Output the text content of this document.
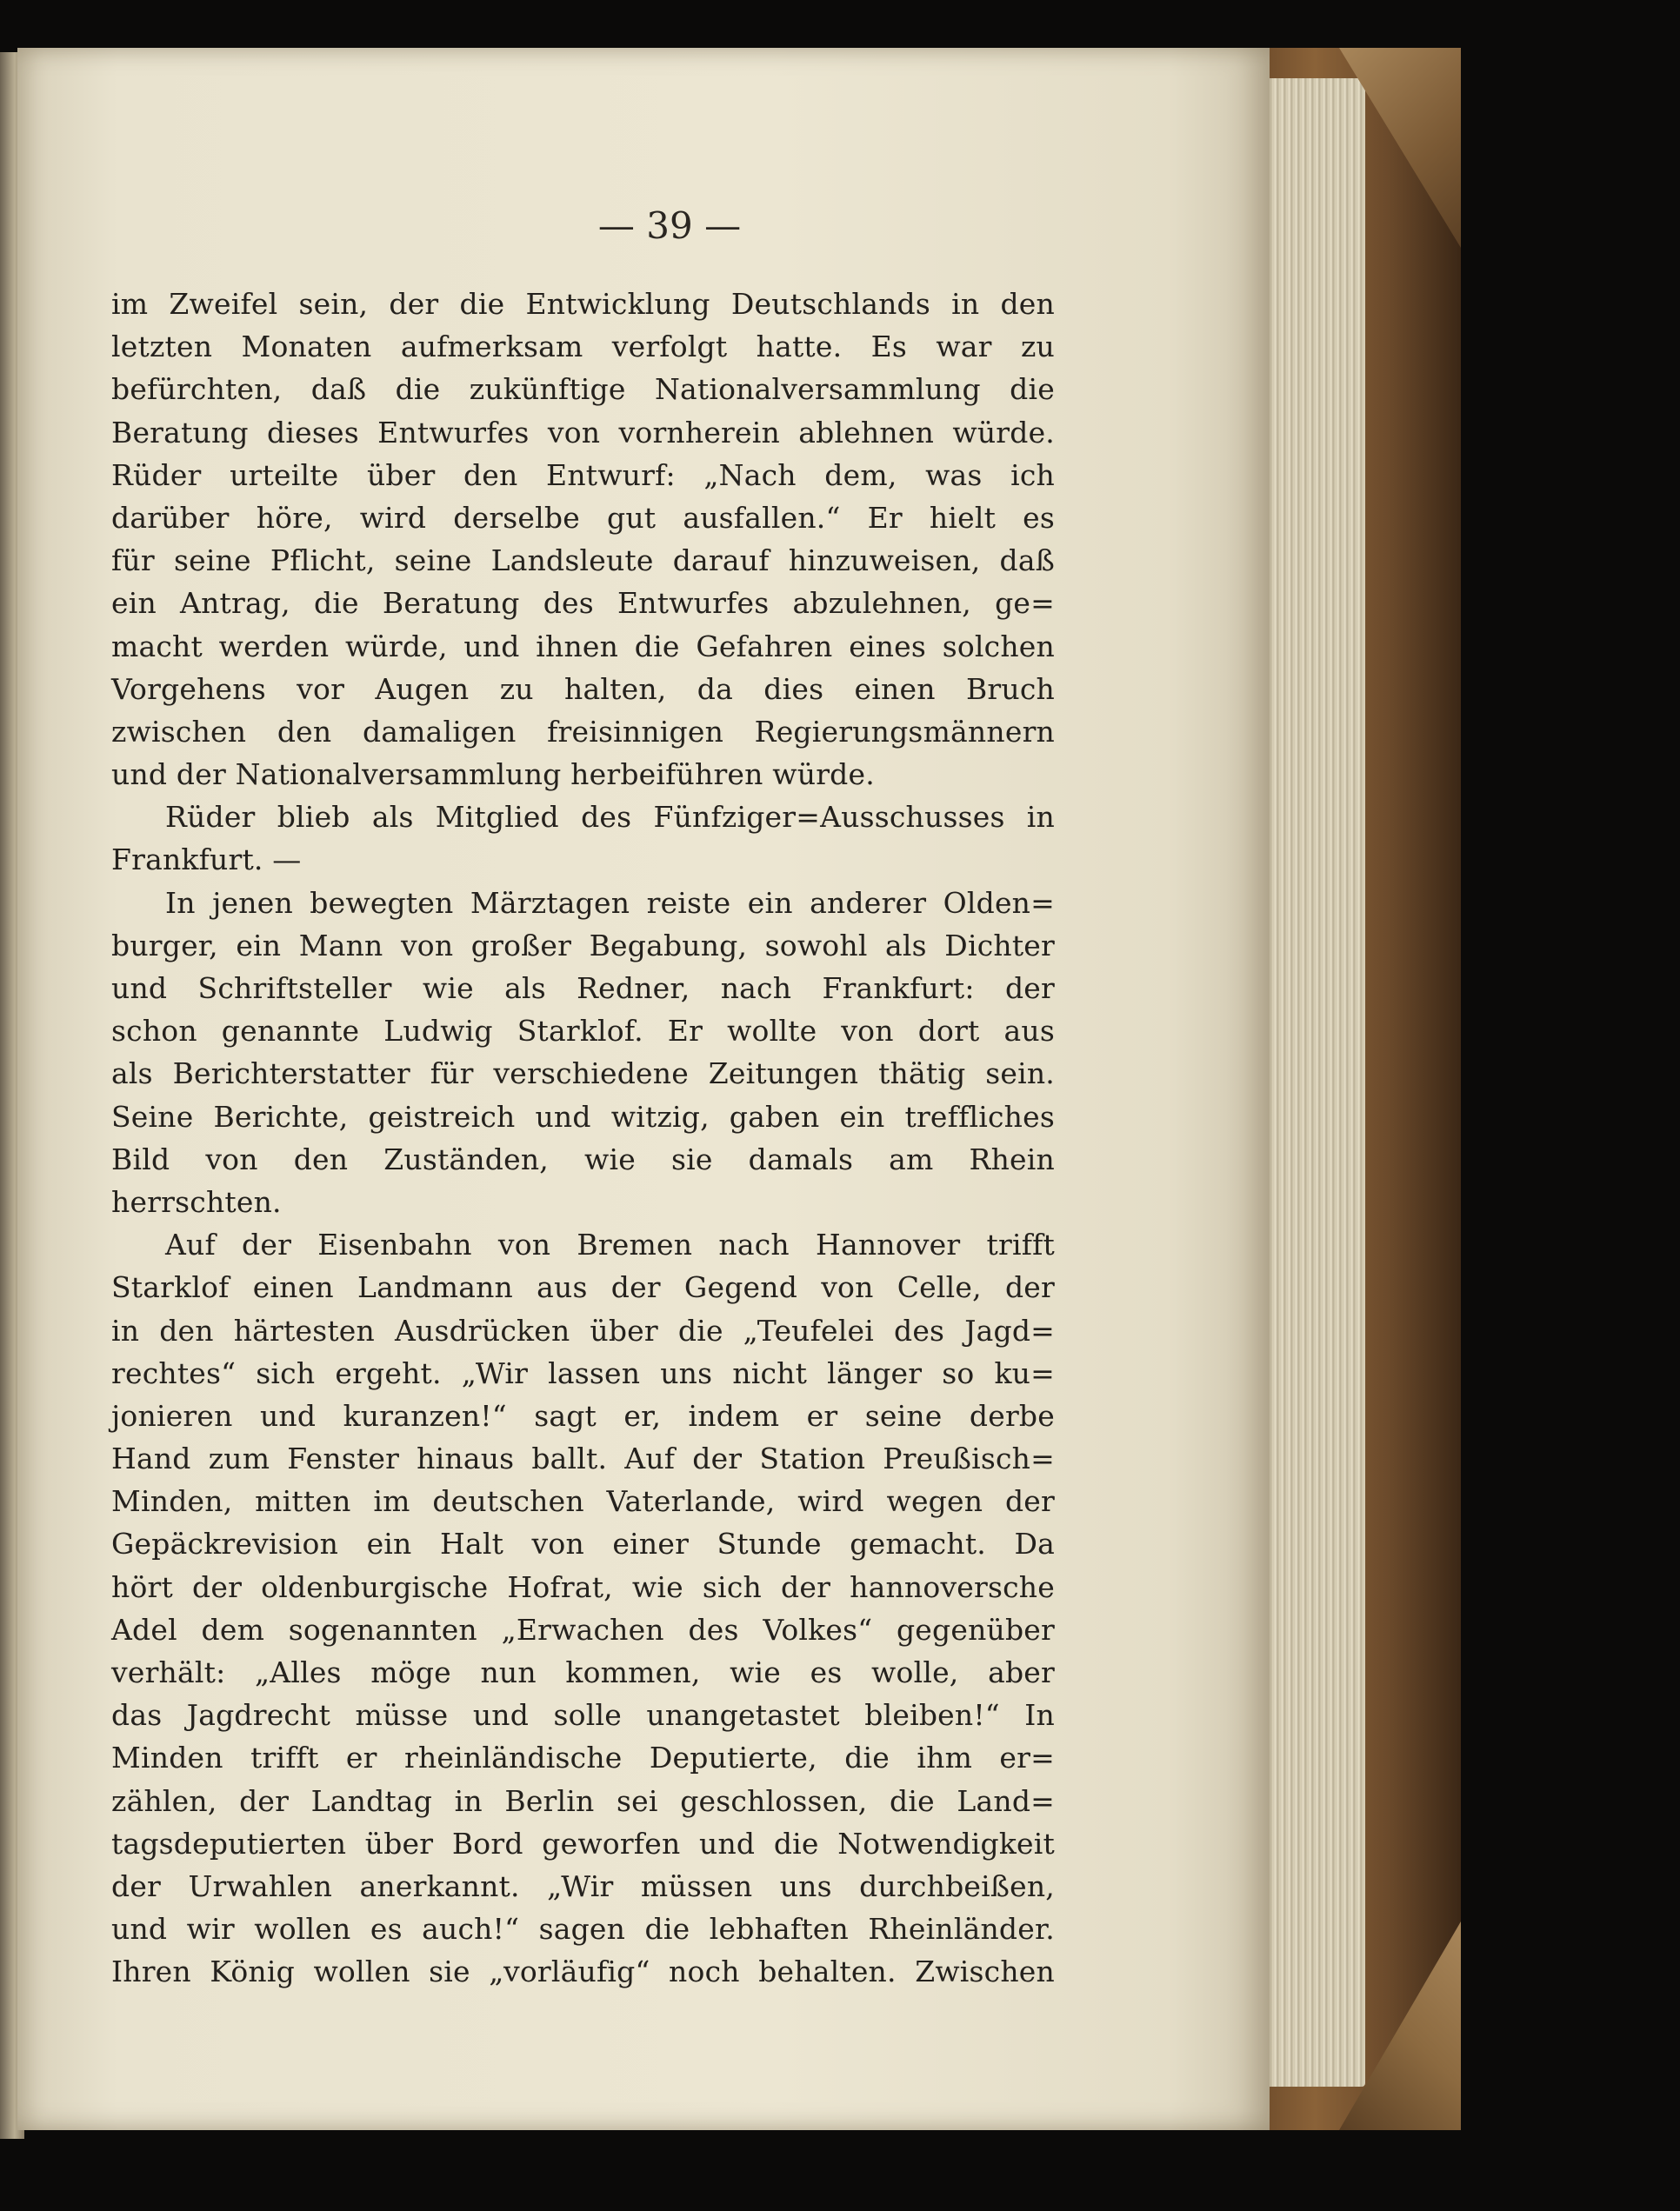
— 39 —
im Zweifel sein, der die Entwicklung Deutschlands in den
letzten Monaten aufmerksam verfolgt hatte. Es war zu
befürchten, daß die zukünftige Nationalversammlung die
Beratung dieses Entwurfes von vornherein ablehnen würde.
Rüder urteilte über den Entwurf: „Nach dem, was ich
darüber höre, wird derselbe gut ausfallen.“ Er hielt es
für seine Pflicht, seine Landsleute darauf hinzuweisen, daß
ein Antrag, die Beratung des Entwurfes abzulehnen, ge=
macht werden würde, und ihnen die Gefahren eines solchen
Vorgehens vor Augen zu halten, da dies einen Bruch
zwischen den damaligen freisinnigen Regierungsmännern
und der Nationalversammlung herbeiführen würde.
Rüder blieb als Mitglied des Fünfziger=Ausschusses in
Frankfurt. —
In jenen bewegten Märztagen reiste ein anderer Olden=
burger, ein Mann von großer Begabung, sowohl als Dichter
und Schriftsteller wie als Redner, nach Frankfurt: der
schon genannte Ludwig Starklof. Er wollte von dort aus
als Berichterstatter für verschiedene Zeitungen thätig sein.
Seine Berichte, geistreich und witzig, gaben ein treffliches
Bild von den Zuständen, wie sie damals am Rhein
herrschten.
Auf der Eisenbahn von Bremen nach Hannover trifft
Starklof einen Landmann aus der Gegend von Celle, der
in den härtesten Ausdrücken über die „Teufelei des Jagd=
rechtes“ sich ergeht. „Wir lassen uns nicht länger so ku=
jonieren und kuranzen!“ sagt er, indem er seine derbe
Hand zum Fenster hinaus ballt. Auf der Station Preußisch=
Minden, mitten im deutschen Vaterlande, wird wegen der
Gepäckrevision ein Halt von einer Stunde gemacht. Da
hört der oldenburgische Hofrat, wie sich der hannoversche
Adel dem sogenannten „Erwachen des Volkes“ gegenüber
verhält: „Alles möge nun kommen, wie es wolle, aber
das Jagdrecht müsse und solle unangetastet bleiben!“ In
Minden trifft er rheinländische Deputierte, die ihm er=
zählen, der Landtag in Berlin sei geschlossen, die Land=
tagsdeputierten über Bord geworfen und die Notwendigkeit
der Urwahlen anerkannt. „Wir müssen uns durchbeißen,
und wir wollen es auch!“ sagen die lebhaften Rheinländer.
Ihren König wollen sie „vorläufig“ noch behalten. Zwischen
